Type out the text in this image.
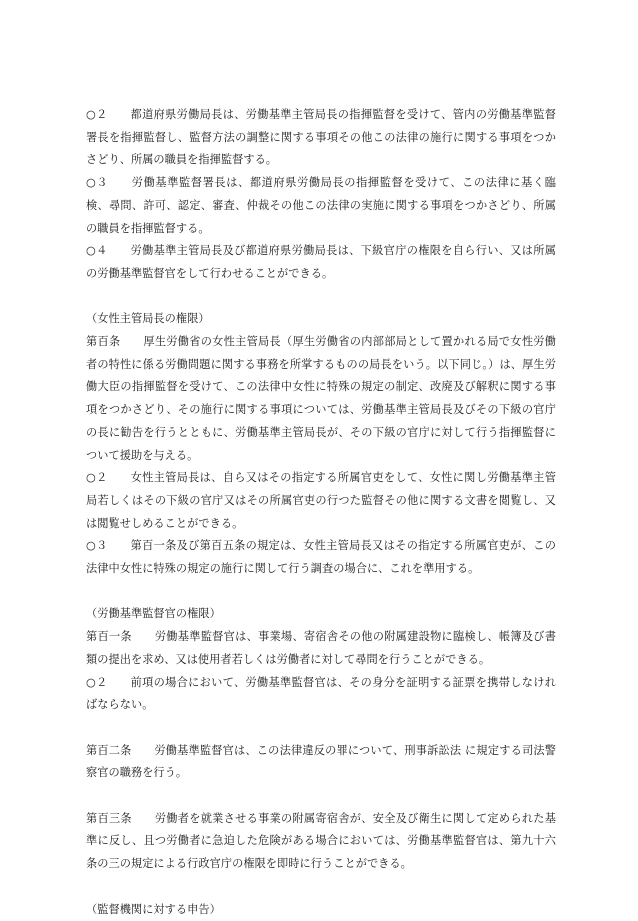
○２　　都道府県労働局長は、労働基準主管局長の指揮監督を受けて、管内の労働基準監督署長を指揮監督し、監督方法の調整に関する事項その他この法律の施行に関する事項をつかさどり、所属の職員を指揮監督する。

○３　　労働基準監督署長は、都道府県労働局長の指揮監督を受けて、この法律に基く臨検、尋問、許可、認定、審査、仲裁その他この法律の実施に関する事項をつかさどり、所属の職員を指揮監督する。

○４　　労働基準主管局長及び都道府県労働局長は、下級官庁の権限を自ら行い、又は所属の労働基準監督官をして行わせることができる。

（女性主管局長の権限）

第百条　　厚生労働省の女性主管局長（厚生労働省の内部部局として置かれる局で女性労働者の特性に係る労働問題に関する事務を所掌するものの局長をいう。以下同じ。）は、厚生労働大臣の指揮監督を受けて、この法律中女性に特殊の規定の制定、改廃及び解釈に関する事項をつかさどり、その施行に関する事項については、労働基準主管局長及びその下級の官庁の長に勧告を行うとともに、労働基準主管局長が、その下級の官庁に対して行う指揮監督について援助を与える。

○２　　女性主管局長は、自ら又はその指定する所属官吏をして、女性に関し労働基準主管局若しくはその下級の官庁又はその所属官吏の行つた監督その他に関する文書を閲覧し、又は閲覧せしめることができる。

○３　　第百一条及び第百五条の規定は、女性主管局長又はその指定する所属官吏が、この法律中女性に特殊の規定の施行に関して行う調査の場合に、これを準用する。

（労働基準監督官の権限）

第百一条　　労働基準監督官は、事業場、寄宿舎その他の附属建設物に臨検し、帳簿及び書類の提出を求め、又は使用者若しくは労働者に対して尋問を行うことができる。

○２　　前項の場合において、労働基準監督官は、その身分を証明する証票を携帯しなければならない。

第百二条　　労働基準監督官は、この法律違反の罪について、刑事訴訟法 に規定する司法警察官の職務を行う。

第百三条　　労働者を就業させる事業の附属寄宿舎が、安全及び衛生に関して定められた基準に反し、且つ労働者に急迫した危険がある場合においては、労働基準監督官は、第九十六条の三の規定による行政官庁の権限を即時に行うことができる。

（監督機関に対する申告）
